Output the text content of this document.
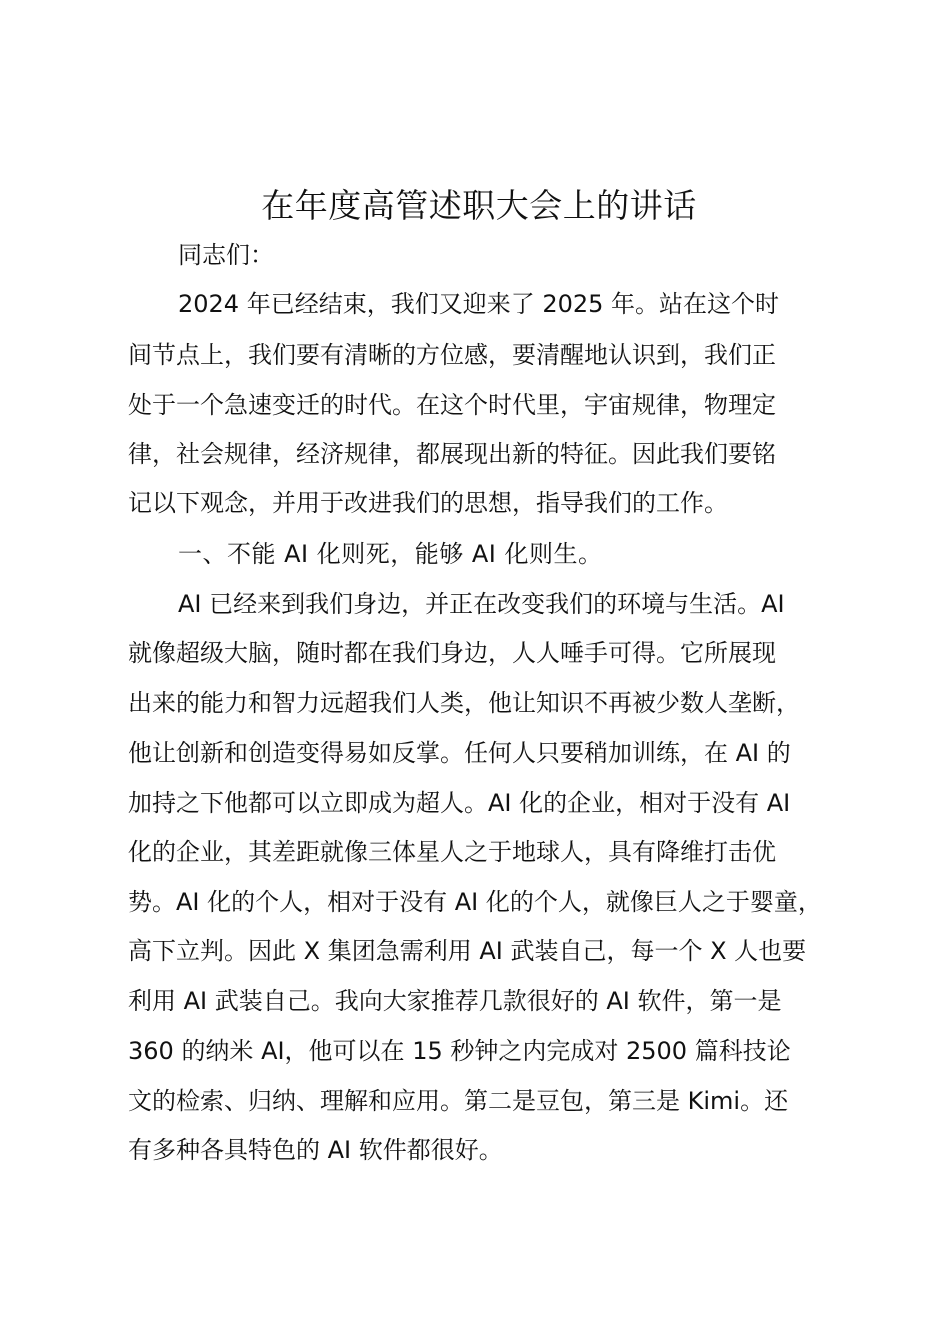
在年度高管述职大会上的讲话

同志们：

2024 年已经结束，我们又迎来了 2025 年。站在这个时

间节点上，我们要有清晰的方位感，要清醒地认识到，我们正

处于一个急速变迁的时代。在这个时代里，宇宙规律，物理定

律，社会规律，经济规律，都展现出新的特征。因此我们要铭

记以下观念，并用于改进我们的思想，指导我们的工作。

一、不能 AI 化则死，能够 AI 化则生。

AI 已经来到我们身边，并正在改变我们的环境与生活。AI

就像超级大脑，随时都在我们身边，人人唾手可得。它所展现

出来的能力和智力远超我们人类，他让知识不再被少数人垄断，

他让创新和创造变得易如反掌。任何人只要稍加训练，在 AI 的

加持之下他都可以立即成为超人。AI 化的企业，相对于没有 AI

化的企业，其差距就像三体星人之于地球人，具有降维打击优

势。AI 化的个人，相对于没有 AI 化的个人，就像巨人之于婴童，

高下立判。因此 X 集团急需利用 AI 武装自己，每一个 X 人也要

利用 AI 武装自己。我向大家推荐几款很好的 AI 软件，第一是

360 的纳米 AI，他可以在 15 秒钟之内完成对 2500 篇科技论

文的检索、归纳、理解和应用。第二是豆包，第三是 Kimi。还

有多种各具特色的 AI 软件都很好。
